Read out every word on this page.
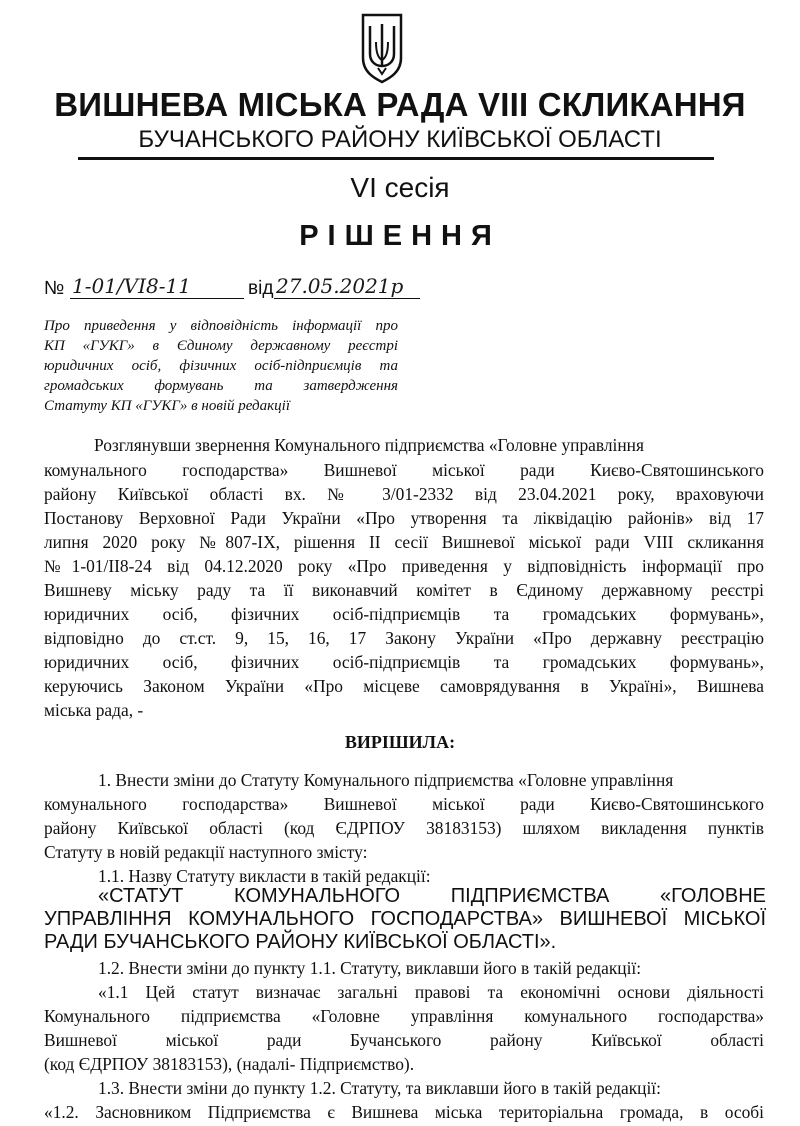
ВИШНЕВА МІСЬКА РАДА VIII СКЛИКАННЯ
БУЧАНСЬКОГО РАЙОНУ КИЇВСЬКОЇ ОБЛАСТІ
VI сесія
РІШЕННЯ
№ 1-01/VI8-11	від 27.05.2021р
Про приведення у відповідність інформації про
КП «ГУКГ» в Єдиному державному реєстрі
юридичних осіб, фізичних осіб-підприємців та
громадських формувань та затвердження
Статуту КП «ГУКГ» в новій редакції
Розглянувши звернення Комунального підприємства «Головне управління
комунального господарства» Вишневої міської ради Києво-Святошинського
району Київської області вх. № 3/01-2332 від 23.04.2021 року, враховуючи
Постанову Верховної Ради України «Про утворення та ліквідацію районів» від 17
липня 2020 року №807-IX, рішення II сесії Вишневої міської ради VIII скликання
№1-01/II8-24 від 04.12.2020 року «Про приведення у відповідність інформації про
Вишневу міську раду та її виконавчий комітет в Єдиному державному реєстрі
юридичних осіб, фізичних осіб-підприємців та громадських формувань»,
відповідно до ст.ст. 9, 15, 16, 17 Закону України «Про державну реєстрацію
юридичних осіб, фізичних осіб-підприємців та громадських формувань»,
керуючись Законом України «Про місцеве самоврядування в Україні», Вишнева
міська рада, -
ВИРІШИЛА:
1. Внести зміни до Статуту Комунального підприємства «Головне управління
комунального господарства» Вишневої міської ради Києво-Святошинського
району Київської області (код ЄДРПОУ 38183153) шляхом викладення пунктів
Статуту в новій редакції наступного змісту:
1.1. Назву Статуту викласти в такій редакції:
«СТАТУТ КОМУНАЛЬНОГО ПІДПРИЄМСТВА «ГОЛОВНЕ
УПРАВЛІННЯ КОМУНАЛЬНОГО ГОСПОДАРСТВА» ВИШНЕВОЇ МІСЬКОЇ
РАДИ БУЧАНСЬКОГО РАЙОНУ КИЇВСЬКОЇ ОБЛАСТІ».
1.2. Внести зміни до пункту 1.1. Статуту, виклавши його в такій редакції:
«1.1 Цей статут визначає загальні правові та економічні основи діяльності
Комунального підприємства «Головне управління комунального господарства»
Вишневої міської ради Бучанського району Київської області
(код ЄДРПОУ 38183153), (надалі- Підприємство).
1.3. Внести зміни до пункту 1.2. Статуту, та виклавши його в такій редакції:
«1.2. Засновником Підприємства є Вишнева міська територіальна громада, в особі
